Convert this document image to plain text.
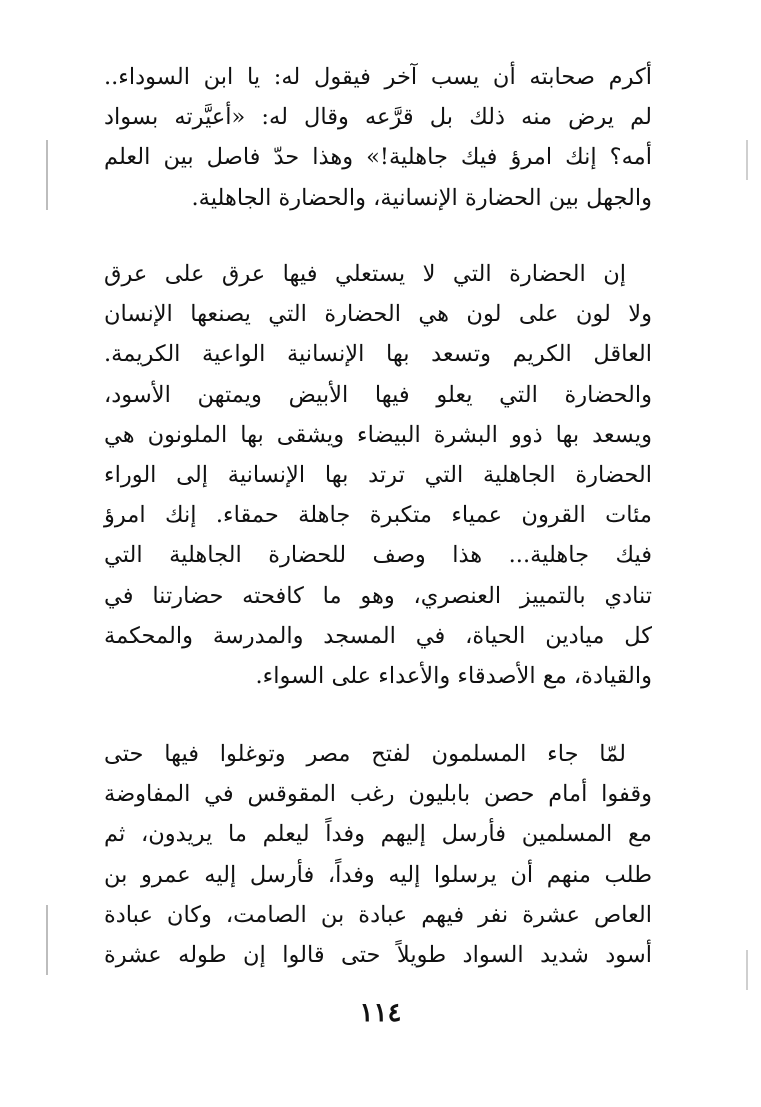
أكرم صحابته أن يسب آخر فيقول له: يا ابن السوداء..
لم يرض منه ذلك بل قرَّعه وقال له: «أعيَّرته بسواد
أمه؟ إنك امرؤ فيك جاهلية!» وهذا حدّ فاصل بين العلم
والجهل بين الحضارة الإنسانية، والحضارة الجاهلية.
إن الحضارة التي لا يستعلي فيها عرق على عرق
ولا لون على لون هي الحضارة التي يصنعها الإنسان
العاقل الكريم وتسعد بها الإنسانية الواعية الكريمة.
والحضارة التي يعلو فيها الأبيض ويمتهن الأسود،
ويسعد بها ذوو البشرة البيضاء ويشقى بها الملونون هي
الحضارة الجاهلية التي ترتد بها الإنسانية إلى الوراء
مئات القرون عمياء متكبرة جاهلة حمقاء. إنك امرؤ
فيك جاهلية... هذا وصف للحضارة الجاهلية التي
تنادي بالتمييز العنصري، وهو ما كافحته حضارتنا في
كل ميادين الحياة، في المسجد والمدرسة والمحكمة
والقيادة، مع الأصدقاء والأعداء على السواء.
لمّا جاء المسلمون لفتح مصر وتوغلوا فيها حتى
وقفوا أمام حصن بابليون رغب المقوقس في المفاوضة
مع المسلمين فأرسل إليهم وفداً ليعلم ما يريدون، ثم
طلب منهم أن يرسلوا إليه وفداً، فأرسل إليه عمرو بن
العاص عشرة نفر فيهم عبادة بن الصامت، وكان عبادة
أسود شديد السواد طويلاً حتى قالوا إن طوله عشرة
١١٤
